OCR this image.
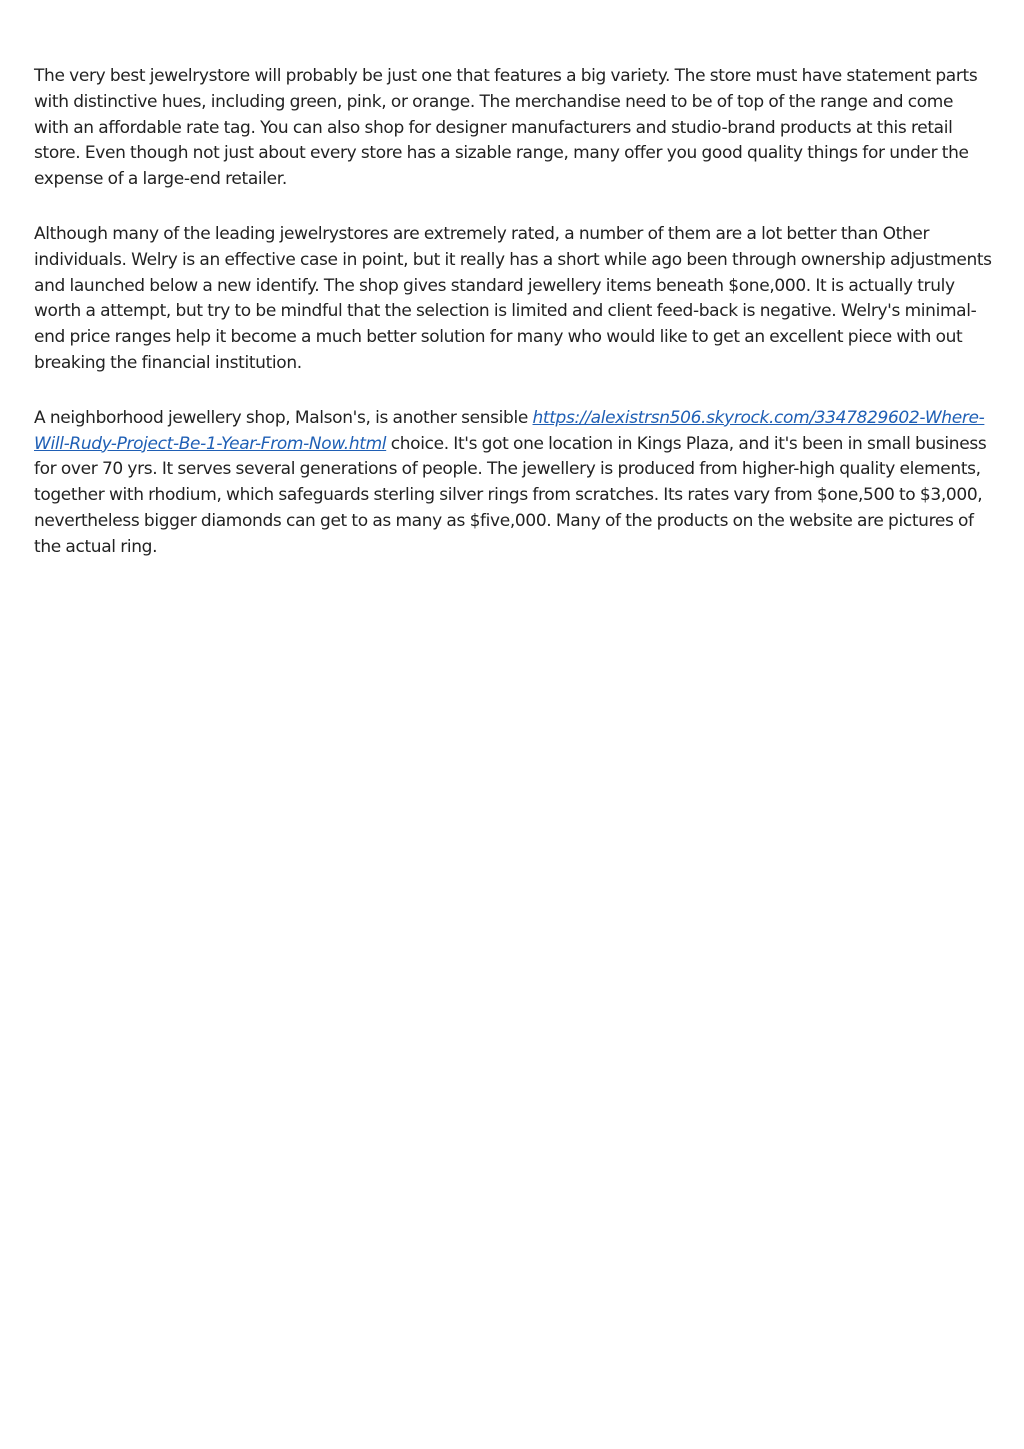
The very best jewelrystore will probably be just one that features a big variety. The store must have statement parts with distinctive hues, including green, pink, or orange. The merchandise need to be of top of the range and come with an affordable rate tag. You can also shop for designer manufacturers and studio-brand products at this retail store. Even though not just about every store has a sizable range, many offer you good quality things for under the expense of a large-end retailer.

Although many of the leading jewelrystores are extremely rated, a number of them are a lot better than Other individuals. Welry is an effective case in point, but it really has a short while ago been through ownership adjustments and launched below a new identify. The shop gives standard jewellery items beneath $one,000. It is actually truly worth a attempt, but try to be mindful that the selection is limited and client feed-back is negative. Welry's minimal-end price ranges help it become a much better solution for many who would like to get an excellent piece with out breaking the financial institution.

A neighborhood jewellery shop, Malson's, is another sensible https://alexistrsn506.skyrock.com/3347829602-Where-Will-Rudy-Project-Be-1-Year-From-Now.html choice. It's got one location in Kings Plaza, and it's been in small business for over 70 yrs. It serves several generations of people. The jewellery is produced from higher-high quality elements, together with rhodium, which safeguards sterling silver rings from scratches. Its rates vary from $one,500 to $3,000, nevertheless bigger diamonds can get to as many as $five,000. Many of the products on the website are pictures of the actual ring.
